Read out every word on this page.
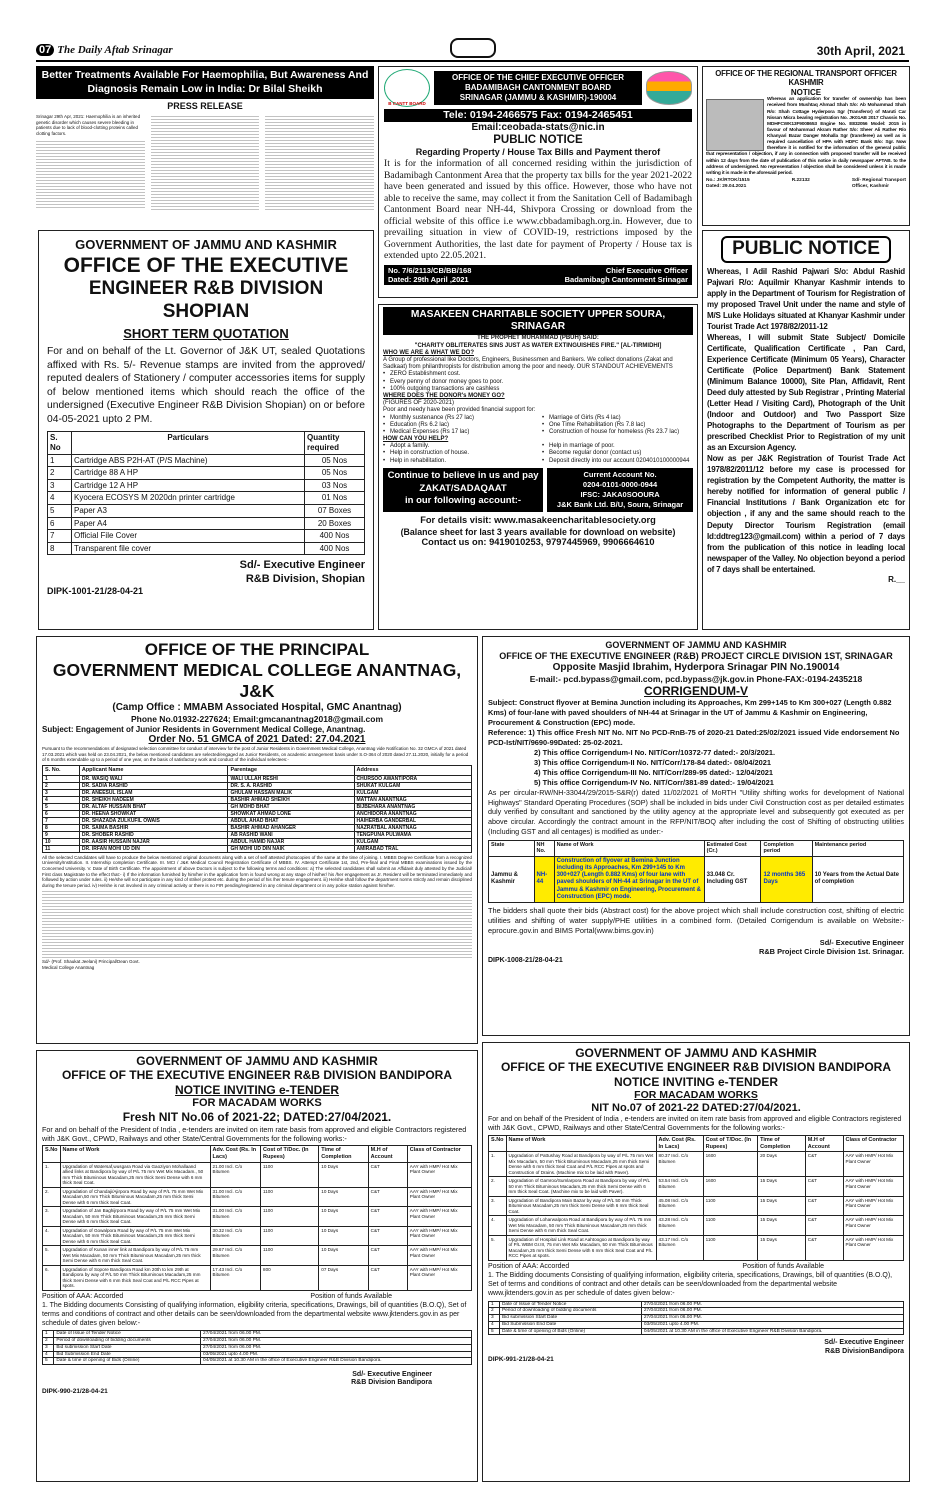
07 The Daily Aftab Srinagar	30th April, 2021
Better Treatments Available For Haemophilia, But Awareness And Diagnosis Remain Low in India: Dr Bilal Sheikh
PRESS RELEASE
Srinagar 29th Apr, 2021: Haemophilia is an inherited genetic disorder which causes severe bleeding in patients due to lack of blood-clotting proteins called clotting factors.
GOVERNMENT OF JAMMU AND KASHMIR
OFFICE OF THE EXECUTIVE
ENGINEER R&B DIVISION SHOPIAN
SHORT TERM QUOTATION
For and on behalf of the Lt. Governor of J&K UT, sealed Quotations affixed with Rs. 5/- Revenue stamps are invited from the approved/ reputed dealers of Stationery / computer accessories items for supply of below mentioned items which should reach the office of the undersigned (Executive Engineer R&B Division Shopian) on or before 04-05-2021 upto 2 PM.
S. No	Particulars	Quantity required
1	Cartridge ABS P2H-AT (P/S Machine)	05 Nos
2	Cartridge 88 A HP	05 Nos
3	Cartridge 12 A HP	03 Nos
4	Kyocera ECOSYS M 2020dn printer cartridge	01 Nos
5	Paper A3	07 Boxes
6	Paper A4	20 Boxes
7	Official File Cover	400 Nos
8	Transparent file cover	400 Nos
Sd/- Executive Engineer
R&B Division, Shopian
DIPK-1001-21/28-04-21
B CANTT BOARD
OFFICE OF THE CHIEF EXECUTIVE OFFICER
BADAMIBAGH CANTONMENT BOARD
SRINAGAR (JAMMU & KASHMIR)-190004
Tele: 0194-2466575 Fax: 0194-2465451
Email:ceobada-stats@nic.in
PUBLIC NOTICE
Regarding Property / House Tax Bills and Payment therof
It is for the information of all concerned residing within the jurisdiction of Badamibagh Cantonment Area that the property tax bills for the year 2021-2022 have been generated and issued by this office. However, those who have not able to receive the same, may collect it from the Sanitation Cell of Badamibagh Cantonment Board near NH-44, Shivpora Crossing or download from the official website of this office i.e www.cbbadamibagh.org.in. However, due to prevailing situation in view of COVID-19, restrictions imposed by the Government Authorities, the last date for payment of Property / House tax is extended upto 22.05.2021.
No. 7/6/2113/CB/BB/168
Dated: 29th April ,2021
Chief Executive Officer
Badamibagh Cantonment Srinagar
MASAKEEN CHARITABLE SOCIETY UPPER SOURA, SRINAGAR
THE PROPHET MUHAMMAD (PBUH) SAID:
"CHARITY OBLITERATES SINS JUST AS WATER EXTINGUISHES FIRE." [AL-TIRMIDHI]
WHO WE ARE & WHAT WE DO?
A Group of professional like Doctors, Engineers, Businessmen and Bankers. We collect donations (Zakat and Sadkaat) from philanthropists for distribution among the poor and needy. OUR STANDOUT ACHIEVEMENTS
• ZERO Establishment cost.
• Every penny of donor money goes to poor.
• 100% outgoing transactions are cashless
WHERE DOES THE DONOR's MONEY GO?
(FIGURES OF 2020-2021)
Poor and needy have been provided financial support for:
• Monthly sustenance (Rs 27 lac)
• Education (Rs 6.2 lac)
• Medical Expenses (Rs 17 lac)
• Marriage of Girls (Rs 4 lac)
• One Time Rehabilitation (Rs 7.8 lac)
• Construction of house for homeless (Rs 23.7 lac)
HOW CAN YOU HELP?
• Adopt a family.
• Help in construction of house.
• Help in rehabilitation.
• Help in marriage of poor.
• Become regular donor (contact us)
• Deposit directly into our account 0204010100000944
Continue to believe in us and pay
ZAKAT/SADAQAAT
in our following account:-
Current Account No.
0204-0101-0000-0944
IFSC: JAKA0SOOURA
J&K Bank Ltd. B/U, Soura, Srinagar
For details visit: www.masakeencharitablesociety.org
(Balance sheet for last 3 years available for download on website)
Contact us on: 9419010253, 9797445969, 9906664610
OFFICE OF THE REGIONAL TRANSPORT OFFICER KASHMIR
NOTICE
Whereas an application for transfer of ownership has been received from Mushtaq Ahmad Shah S/o: Ab Mohammad Shah R/o: Shah Cottage Hyderpora Sgr (Transferor) of Maruti Car Nissan Micra bearing registration No. JK01AB 2017 Chassis No. MDHFCWK13F9008653 Engine No. E832056 Model: 2015 in favour of Mohammad Akram Rather S/o: Sheer Ali Rather R/o Khanyari Bazar Danger Mohalla Sgr (transferee) as well as is required cancellation of HPA with HDFC Bank B/o: Sgr. Now therefore it is notified for the information of the general public that representation / objection, if any in connection with proposed transfer will be received within 12 days from the date of publication of this notice in daily newspaper AFTAB. to the address of undersigned. No representation / objection shall be considered unless it is made writing it is made in the aforesaid period.
No.: JK/RTOK/1515
Dated: 29.04.2021
R.22132	Sd/- Regional Transport
Officer, Kashmir
PUBLIC NOTICE

Whereas, I Adil Rashid Pajwari S/o: Abdul Rashid Pajwari R/o: Aquilmir Khanyar Kashmir intends to apply in the Department of Tourism for Registration of my proposed Travel Unit under the name and style of M/S Luke Holidays situated at Khanyar Kashmir under Tourist Trade Act 1978/82/2011-12

Whereas, I will submit State Subject/ Domicile Certificate, Qualification Certificate , Pan Card, Experience Certificate (Minimum 05 Years), Character Certificate (Police Department) Bank Statement (Minimum Balance 10000), Site Plan, Affidavit, Rent Deed duly attested by Sub Registrar , Printing Material (Letter Head / Visiting Card), Photograph of the Unit (Indoor and Outdoor) and Two Passport Size Photographs to the Department of Tourism as per prescribed Checklist Prior to Registration of my unit as an Excursion Agency.

Now as per J&K Registration of Tourist Trade Act 1978/82/2011/12 before my case is processed for registration by the Competent Authority, the matter is hereby notified for information of general public / Financial Institutions / Bank Organization etc for objection , if any and the same should reach to the Deputy Director Tourism Registration (email Id:ddtreg123@gmail.com) within a period of 7 days from the publication of this notice in leading local newspaper of the Valley. No objection beyond a period of 7 days shall be entertained.

R.__
OFFICE OF THE PRINCIPAL
GOVERNMENT MEDICAL COLLEGE ANANTNAG, J&K
(Camp Office : MMABM Associated Hospital, GMC Anantnag)
Phone No.01932-227624; Email:gmcanantnag2018@gmail.com
Subject: Engagement of Junior Residents in Government Medical College, Anantnag.
Order No. 51 GMCA of 2021 Dated: 27.04.2021
Pursuant to the recommendations of designated selection committee for conduct of interview for the post of Junior Residents in Government Medical College, Anantnag vide Notification No. 32 GMCA of 2021 dated 17.03.2021 which was held on 23.04.2021, the below mentioned candidates are selected/engaged as Junior Residents, on academic arrangement basis under S.O-364 of 2020 dated 27.11.2020, initially for a period of 6 months extendable up to a period of one year, on the basis of satisfactory work and conduct of the individual selectees:-
S. No.	Applicant Name	Parentage	Address
1	DR. WASIQ WALI	WALI ULLAH RESHI	CHURSOO AWANTIPORA
2	DR. SADIA RASHID	DR. S. A. RASHID	SHUKAT KULGAM
3	DR. ANEESUL ISLAM	GHULAM HASSAN MALIK	KULGAM
4	DR. SHEIKH NADEEM	BASHIR AHMAD SHEIKH	MATTAN ANANTNAG
5	DR. ALTAF HUSSAIN BHAT	GH MOHD BHAT	BIJBEHARA ANANTNAG
6	DR. HEENA SHOWKAT	SHOWKAT AHMAD LONE	ANCHIDORA ANANTNAG
7	DR. SHAZADA ZULKUFIL OWAIS	ABDUL AHAD BHAT	HAIHERBA GANDERBAL
8	DR. SAIMA BASHIR	BASHIR AHMAD AHANGER	NAZRATBAL ANANTNAG
9	DR. SHOBER RASHID	AB RASHID WANI	TENGPUNA PULWAMA
10	DR. AASIR HUSSAIN NAJAR	ABDUL HAMID NAJAR	KULGAM
11	DR. IRFAN MOHI UD DIN	GH MOHI UD DIN NAIK	AMIRABAD TRAL
All the selected Candidates will have to produce the below mentioned original documents along with a set of self attested photocopies of the same at the time of joining. I. MBBS Degree Certificate from a recognized University/Institution. II. Internship completion Certificate. III. MCI / J&K Medical Council Registration Certificate of MBBS. IV. Attempt Certificate 1st, 2nd, Pre-final and Final MBBS examinations issued by the Concerned University. V. Date of Birth Certificate. The appointment of above Doctors is subject to the following terms and conditions: a) The selected candidates shall submit an Affidavit duly attested by the Judicial/ First class Magistrate to the effect that:- i) If the information furnished by him/her in the application form is found wrong at any stage of his/her/ his /her engagement as Jr. Resident will be terminated immediately and followed by action under rules. ii) He/she will not participate in any kind of strike/ protest etc. during the period of his /her tenure engagement. iii) He/she shall follow the department norms strictly and remain disciplined during the tenure period. iv) He/she is not involved in any criminal activity or there is no FIR pending/registered in any criminal department or in any police station against him/her.
Sd/- (Prof. Shaukat Jeelani) Principal/Dean Govt. Medical College Anantnag
GOVERNMENT OF JAMMU AND KASHMIR
OFFICE OF THE EXECUTIVE ENGINEER (R&B) PROJECT CIRCLE DIVISION 1ST, SRINAGAR
Opposite Masjid Ibrahim, Hyderpora Srinagar PIN No.190014
E-mail:- pcd.bypass@gmail.com, pcd.bypass@jk.gov.in Phone-FAX:-0194-2435218
CORRIGENDUM-V
Subject: Construct flyover at Bemina Junction including its Approaches, Km 299+145 to Km 300+027 (Length 0.882 Kms) of four-lane with paved shoulders of NH-44 at Srinagar in the UT of Jammu & Kashmir on Engineering, Procurement & Construction (EPC) mode.
Reference: 1) This office Fresh NIT No. NIT No PCD-RnB-75 of 2020-21 Dated:25/02/2021 issued Vide endorsement No PCD-Ist/NIT/9690-99Dated: 25-02-2021.
2) This office Corrigendum-I No. NIT/Corr/10372-77 dated:- 20/3/2021.
3) This office Corrigendum-II No. NIT/Corr/178-84 dated:- 08/04/2021
4) This office Corrigendum-III No. NIT/Corr/289-95 dated:- 12/04/2021
5) This office Corrigendum-IV No. NIT/Corr/381-89 dated:- 19/04/2021
As per circular-RW/NH-33044/29/2015-S&R(r) dated 11/02/2021 of MoRTH "Utility shifting works for development of National Highways" Standard Operating Procedures (SOP) shall be included in bids under Civil Construction cost as per detailed estimates duly verified by consultant and sanctioned by the utility agency at the appropriate level and subsequently got executed as per above circular. Accordingly the contract amount in the RFP/NIT/BOQ after including the cost of Shifting of obstructing utilities (Including GST and all centages) is modified as under:-
State	NH No.	Name of Work	Estimated Cost (Cr.)	Completion period	Maintenance period
Jammu & Kashmir	NH-44	Construction of flyover at Bemina Junction including its Approaches, Km 299+145 to Km 300+027 (Length 0.882 Kms) of four lane with paved shoulders of NH-44 at Srinagar in the UT of Jammu & Kashmir on Engineering, Procurement & Construction (EPC) mode.	33.048 Cr. Including GST	12 months 365 Days	10 Years from the Actual Date of completion
The bidders shall quote their bids (Abstract cost) for the above project which shall include construction cost, shifting of electric utilities and shifting of water supply/PHE utilities in a combined form. (Detailed Corrigendum is available on Website:- eprocure.gov.in and BIMS Portal(www.bims.gov.in)
Sd/- Executive Engineer
R&B Project Circle Division 1st. Srinagar.
DIPK-1008-21/28-04-21
GOVERNMENT OF JAMMU AND KASHMIR
OFFICE OF THE EXECUTIVE ENGINEER R&B DIVISION BANDIPORA
NOTICE INVITING e-TENDER
FOR MACADAM WORKS
Fresh NIT No.06 of 2021-22; DATED:27/04/2021.
For and on behalf of the President of India , e-tenders are invited on item rate basis from approved and eligible Contractors registered with J&K Govt., CPWD, Railways and other State/Central Governments for the following works:-
S.No	Name of Work	Adv. Cost (Rs. In Lacs)	Cost of T/Doc. (In Rupees)	Time of Completion	M.H of Account	Class of Contractor
1.	Upgradation of Watersaf,wusgara Road via Gaoziyon Mohallaand allied links at Bandipora by way of P/L 75 mm Wet Mix Macadam., 50 mm Thick Bituminous Macadam,25 mm thick Semi Dense with 6 mm thick Seal Coat.	21.00 Incl. C/o Bitumen	1100	10 Days	C&T	AAY with HMP/ Hot Mix Plant Owner
2.	Upgradation of Chandaji/Ajirpora Road by way of P/L 75 mm Wet Mix Macadam,50 mm Thick Bituminous Macadam,25 mm thick Semi Dense with 6 mm thick Seal Coat.	31.00 Incl. C/o Bitumen	1100	10 Days	C&T	AAY with HMP/ Hot Mix Plant Owner
3.	Upgradation of Jan Baghijrpora Road by way of P/L 75 mm Wet Mix Macadam, 50 mm Thick Bituminous Macadam,25 mm thick Semi Dense with 6 mm thick Seal Coat.	31.00 Incl. C/o Bitumen	1100	10 Days	C&T	AAY with HMP/ Hot Mix Plant Owner
4.	Upgradation of Gowalpora Road by way of P/L 75 mm Wet Mix Macadam, 50 mm Thick Bituminous Macadam,25 mm thick Semi Dense with 6 mm thick Seal Coat.	30.32 Incl. C/o Bitumen	1100	10 Days	C&T	AAY with HMP/ Hot Mix Plant Owner
5.	Upgradation of Kunan inner link at Bandipora by way of P/L 75 mm Wet Mix Macadam, 50 mm Thick Bituminous Macadam,25 mm thick Semi Dense with 6 mm thick Seal Coat.	29.67 Incl. C/o Bitumen	1100	10 Days	C&T	AAY with HMP/ Hot Mix Plant Owner
6.	Upgradation of Sopore Bandipora Road km 20th to km 29th at Bandipora by way of P/L 50 mm Thick Bituminous Macadam,25 mm thick Semi Dense with 6 mm thick Seal Coat and P/L RCC Pipes at spots.	17.43 Incl. C/o Bitumen	800	07 Days	C&T	AAY with HMP/ Hot Mix Plant Owner
Position of AAA: Accorded	Position of funds Available
1. The Bidding documents Consisting of qualifying information, eligibility criteria, specifications, Drawings, bill of quantities (B.O.Q), Set of terms and conditions of contract and other details can be seen/downloaded from the departmental website www.jktenders.gov.in as per schedule of dates given below:-
1	Date of Issue of Tender Notice	27/04/2021 from 06.00 PM.
2	Period of downloading of bidding documents	27/04/2021 from 06.00 PM.
3	Bid submission Start Date	27/04/2021 from 06.00 PM.
4	Bid Submission End Date	03/05/2021 upto 4.00 PM.
5	Date & time of opening of Bids (Online)	04/05/2021 at 10.30 AM in the office of Executive Engineer R&B Division Bandipora.
Sd/- Executive Engineer
R&B Division Bandipora
DIPK-990-21/28-04-21
GOVERNMENT OF JAMMU AND KASHMIR
OFFICE OF THE EXECUTIVE ENGINEER R&B DIVISION BANDIPORA
NOTICE INVITING e-TENDER
FOR MACADAM WORKS
NIT No.07 of 2021-22 DATED:27/04/2021.
For and on behalf of the President of India , e-tenders are invited on item rate basis from approved and eligible Contractors registered with J&K Govt., CPWD, Railways and other State/Central Governments for the following works:-
S.No	Name of Work	Adv. Cost (Rs. In Lacs)	Cost of T/Doc. (In Rupees)	Time of Completion	M.H of Account	Class of Contractor
1.	Upgradation of Pattushay Road at Bandipora by way of P/L 75 mm Wet Mix Macadam, 50 mm Thick Bituminous Macadam,25 mm thick Semi Dense with 6 mm thick Seal Coat and P/L RCC Pipes at spots and Construction of Drains. (Machine mix to be laid with Paver).	80.37 Incl. C/o Bitumen	1600	20 Days	C&T	AAY with HMP/ Hot Mix Plant Owner
2.	Upgradation of Gamroo/Sumlarpora Road at Bandipora by way of P/L 50 mm Thick Bituminous Macadam,25 mm thick Semi Dense with 6 mm thick Seal Coat. (Machine mix to be laid with Paver).	53.54 Incl. C/o Bitumen	1600	15 Days	C&T	AAY with HMP/ Hot Mix Plant Owner
3.	Upgradation of Bandipora Main Bazar by way of P/L 50 mm Thick Bituminous Macadam,25 mm thick Semi Dense with 6 mm thick Seal Coat.	45.08 Incl. C/o Bitumen	1100	15 Days	C&T	AAY with HMP/ Hot Mix Plant Owner
4.	Upgradation of Loharwalpora Road at Bandipora by way of P/L 75 mm Wet Mix Macadam, 50 mm Thick Bituminous Macadam,25 mm thick Semi Dense with 6 mm thick Seal Coat.	43.28 Incl. C/o Bitumen	1100	15 Days	C&T	AAY with HMP/ Hot Mix Plant Owner
5.	Upgradation of Hospital Link Road at Aahtoogoo at Bandipora by way of P/L WBM Gr.III, 75 mm Wet Mix Macadam, 50 mm Thick Bituminous Macadam,25 mm thick Semi Dense with 6 mm thick Seal Coat and P/L RCC Pipes at spots.	43.17 Incl. C/o Bitumen	1100	15 Days	C&T	AAY with HMP/ Hot Mix Plant Owner
Position of AAA: Accorded	Position of funds Available
1. The Bidding documents Consisting of qualifying information, eligibility criteria, specifications, Drawings, bill of quantities (B.O.Q), Set of terms and conditions of contract and other details can be seen/downloaded from the departmental website www.jktenders.gov.in as per schedule of dates given below:-
1	Date of Issue of Tender Notice	27/04/2021 from 06.00 PM.
2	Period of downloading of bidding documents	27/04/2021 from 06.00 PM.
3	Bid submission Start Date	27/04/2021 from 06.00 PM.
4	Bid Submission End Date	03/05/2021 upto 4.00 PM.
5	Date & time of opening of Bids (Online)	04/05/2021 at 10.30 AM in the office of Executive Engineer R&B Division Bandipora.
Sd/- Executive Engineer
R&B DivisionBandipora
DIPK-991-21/28-04-21
